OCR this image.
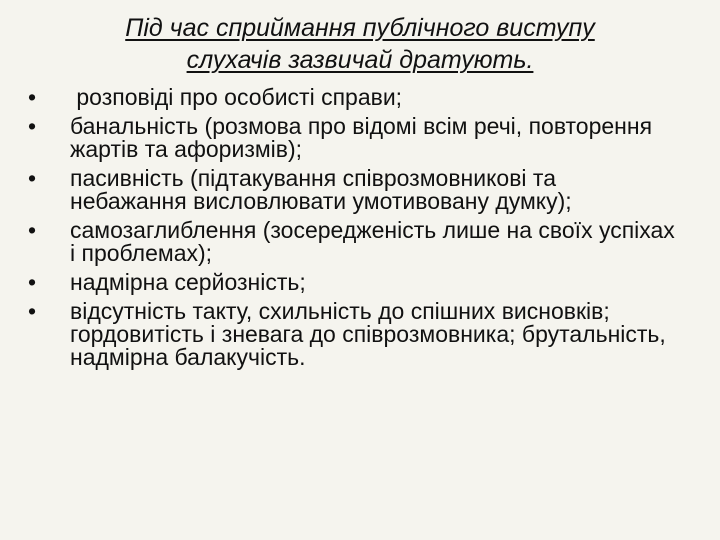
Під час сприймання публічного виступу
слухачів зазвичай дратують.
•	розповіді про особисті справи;
•	банальність (розмова про відомі всім речі, повторення жартів та афоризмів);
•	пасивність (підтакування співрозмовникові та небажання висловлювати умотивовану думку);
•	самозаглиблення (зосередженість лише на своїх успіхах і проблемах);
•	надмірна серйозність;
•	відсутність такту, схильність до спішних висновків; гордовитість і зневага до співрозмовника; брутальність, надмірна балакучість.
